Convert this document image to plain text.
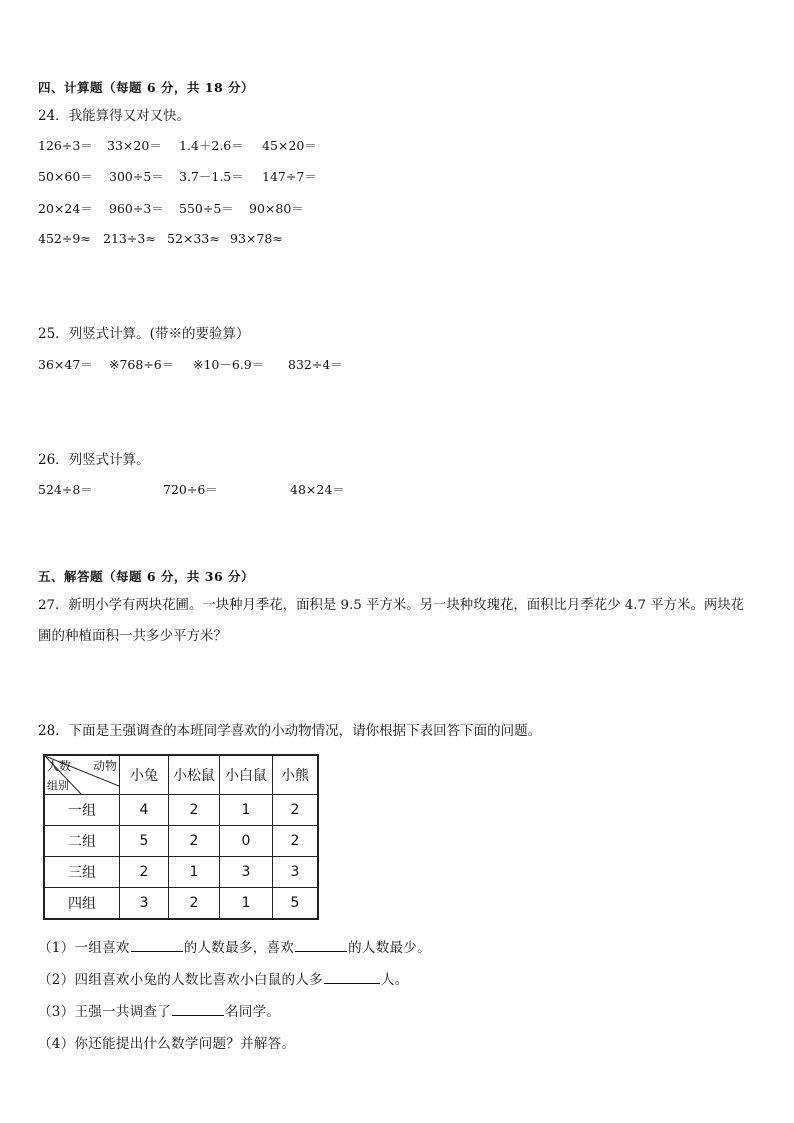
四、计算题（每题 6 分，共 18 分）
24．我能算得又对又快。
126÷3＝ 33×20＝ 1.4＋2.6＝ 45×20＝
50×60＝ 300÷5＝ 3.7－1.5＝ 147÷7＝
20×24＝ 960÷3＝ 550÷5＝ 90×80＝
452÷9≈ 213÷3≈ 52×33≈ 93×78≈
25．列竖式计算。(带※的要验算）
36×47＝ ※768÷6＝ ※10－6.9＝ 832÷4＝
26．列竖式计算。
524÷8＝	720÷6＝	48×24＝
五、解答题（每题 6 分，共 36 分）
27．新明小学有两块花圃。一块种月季花，面积是 9.5 平方米。另一块种玫瑰花，面积比月季花少 4.7 平方米。两块花
圃的种植面积一共多少平方米？
28．下面是王强调查的本班同学喜欢的小动物情况，请你根据下表回答下面的问题。
人数 动物
组别	小兔	小松鼠	小白鼠	小熊
一组	4	2	1	2
二组	5	2	0	2
三组	2	1	3	3
四组	3	2	1	5
（1）一组喜欢	的人数最多，喜欢	的人数最少。
（2）四组喜欢小兔的人数比喜欢小白鼠的人多	人。
（3）王强一共调查了	名同学。
（4）你还能提出什么数学问题？并解答。
